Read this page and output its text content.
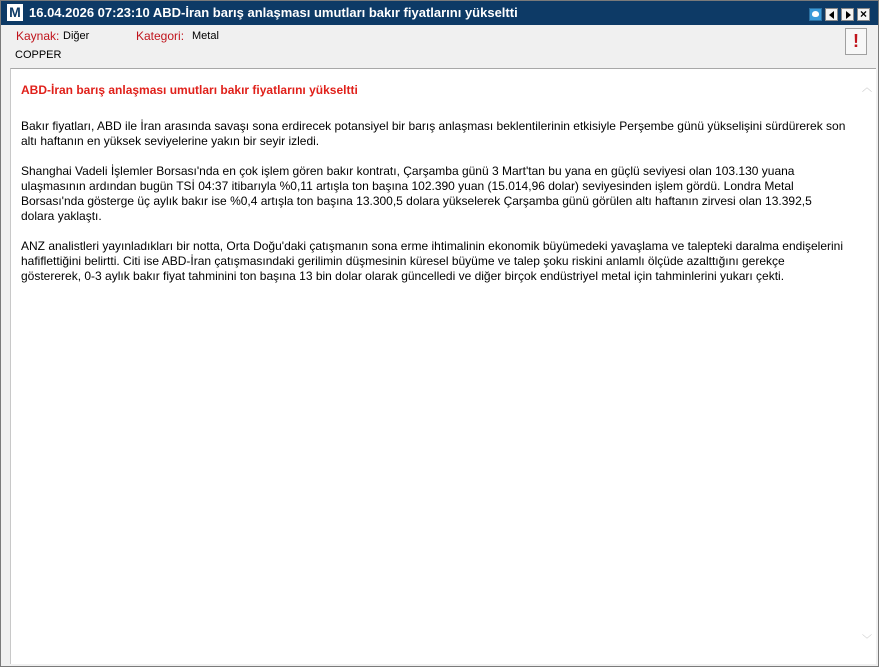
M 16.04.2026 07:23:10 ABD-İran barış anlaşması umutları bakır fiyatlarını yükseltti	×
Kaynak: Diğer	Kategori: Metal
COPPER
!

ABD-İran barış anlaşması umutları bakır fiyatlarını yükseltti

Bakır fiyatları, ABD ile İran arasında savaşı sona erdirecek potansiyel bir barış anlaşması beklentilerinin etkisiyle Perşembe günü yükselişini sürdürerek son altı haftanın en yüksek seviyelerine yakın bir seyir izledi.

Shanghai Vadeli İşlemler Borsası'nda en çok işlem gören bakır kontratı, Çarşamba günü 3 Mart'tan bu yana en güçlü seviyesi olan 103.130 yuana ulaşmasının ardından bugün TSİ 04:37 itibarıyla %0,11 artışla ton başına 102.390 yuan (15.014,96 dolar) seviyesinden işlem gördü. Londra Metal Borsası'nda gösterge üç aylık bakır ise %0,4 artışla ton başına 13.300,5 dolara yükselerek Çarşamba günü görülen altı haftanın zirvesi olan 13.392,5 dolara yaklaştı.

ANZ analistleri yayınladıkları bir notta, Orta Doğu'daki çatışmanın sona erme ihtimalinin ekonomik büyümedeki yavaşlama ve talepteki daralma endişelerini hafiflettiğini belirtti. Citi ise ABD-İran çatışmasındaki gerilimin düşmesinin küresel büyüme ve talep şoku riskini anlamlı ölçüde azalttığını gerekçe göstererek, 0-3 aylık bakır fiyat tahminini ton başına 13 bin dolar olarak güncelledi ve diğer birçok endüstriyel metal için tahminlerini yukarı çekti.

︿
﹀
